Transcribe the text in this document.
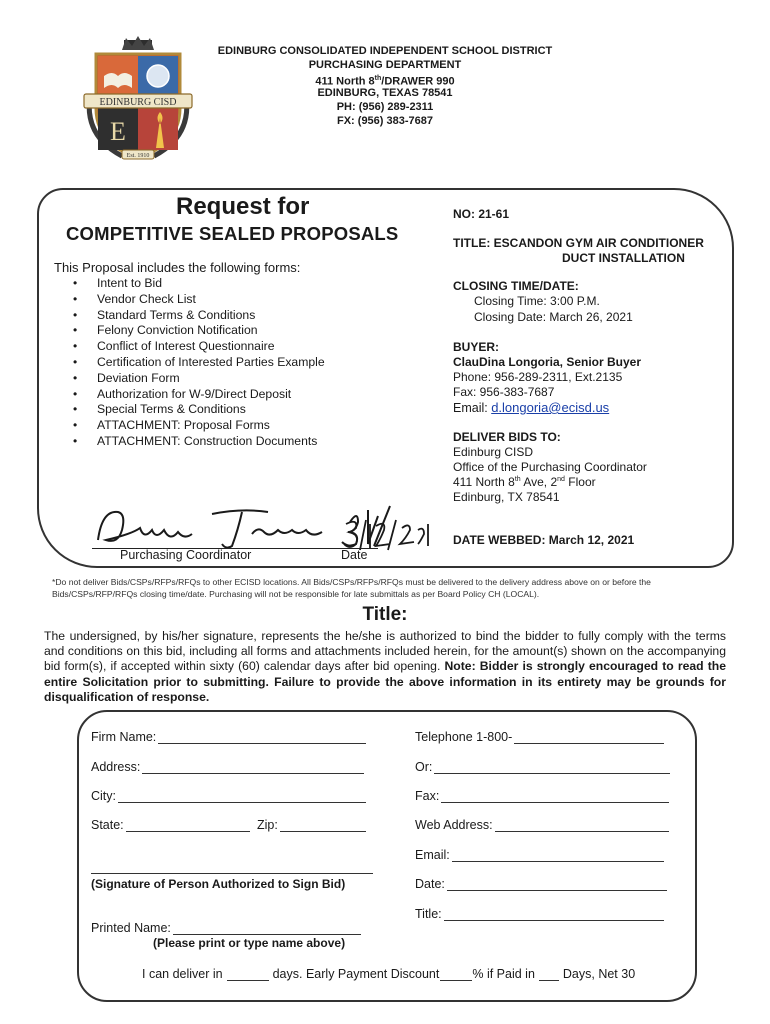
EDINBURG CISD
E
Est. 1910
EDINBURG CONSOLIDATED INDEPENDENT SCHOOL DISTRICT
PURCHASING DEPARTMENT
411 North 8th/DRAWER 990
EDINBURG, TEXAS 78541
PH: (956) 289-2311
FX: (956) 383-7687
Request for
COMPETITIVE SEALED PROPOSALS
This Proposal includes the following forms:
• Intent to Bid
• Vendor Check List
• Standard Terms & Conditions
• Felony Conviction Notification
• Conflict of Interest Questionnaire
• Certification of Interested Parties Example
• Deviation Form
• Authorization for W-9/Direct Deposit
• Special Terms & Conditions
• ATTACHMENT: Proposal Forms
• ATTACHMENT: Construction Documents
NO: 21-61
TITLE: ESCANDON GYM AIR CONDITIONER
DUCT INSTALLATION
CLOSING TIME/DATE:
Closing Time: 3:00 P.M.
Closing Date: March 26, 2021
BUYER:
ClauDina Longoria, Senior Buyer
Phone: 956-289-2311, Ext.2135
Fax: 956-383-7687
Email: d.longoria@ecisd.us
DELIVER BIDS TO:
Edinburg CISD
Office of the Purchasing Coordinator
411 North 8th Ave, 2nd Floor
Edinburg, TX 78541
DATE WEBBED: March 12, 2021
Purchasing Coordinator	Date
*Do not deliver Bids/CSPs/RFPs/RFQs to other ECISD locations. All Bids/CSPs/RFPs/RFQs must be delivered to the delivery address above on or before the Bids/CSPs/RFP/RFQs closing time/date. Purchasing will not be responsible for late submittals as per Board Policy CH (LOCAL).
Title:
The undersigned, by his/her signature, represents the he/she is authorized to bind the bidder to fully comply with the terms and conditions on this bid, including all forms and attachments included herein, for the amount(s) shown on the accompanying bid form(s), if accepted within sixty (60) calendar days after bid opening. Note: Bidder is strongly encouraged to read the entire Solicitation prior to submitting. Failure to provide the above information in its entirety may be grounds for disqualification of response.
Firm Name:
Address:
City:
State:	Zip:
(Signature of Person Authorized to Sign Bid)
Printed Name:
(Please print or type name above)
Telephone 1-800-
Or:
Fax:
Web Address:
Email:
Date:
Title:
I can deliver in	days. Early Payment Discount	% if Paid in Days, Net 30
